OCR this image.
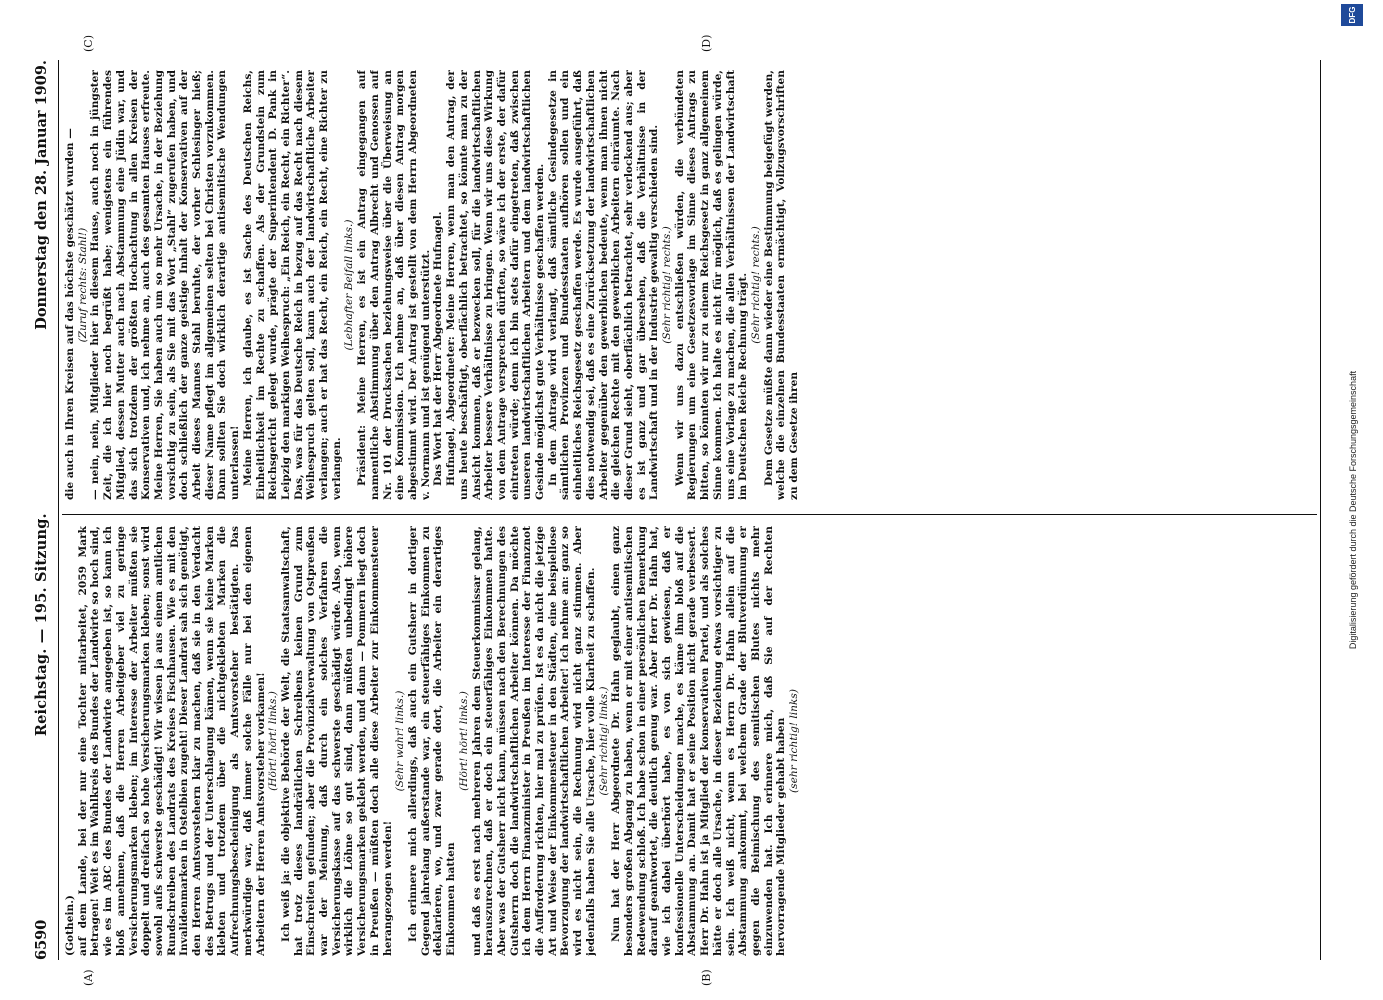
6590
Reichstag. — 195. Sitzung.
Donnerstag den 28. Januar 1909.
(A)	(B)
(C)	(D)

(Gothein.) auf dem Lande, bei der nur eine Tochter mitarbeitet, 2059 Mark betragen! Weit es im Wahlkreis des Bundes der Landwirte so hoch sind, wie es im ABC des Bundes der Landwirte angegeben ist, so kann ich bloß annehmen, daß die Herren Arbeitgeber viel zu geringe Versicherungsmarken kleben; im Interesse der Arbeiter müßten sie doppelt und dreifach so hohe Versicherungsmarken kleben; sonst wird sowohl aufs schwerste geschädigt! Wir wissen ja aus einem amtlichen Rundschreiben des Landrats des Kreises Fischhausen. Wie es mit den Invalidenmarken in Ostelbien zugeht! Dieser Landrat sah sich genötigt, den Herren Amtsvorstehern klar zu machen, daß sie in den Verdacht des Betrugs und der Unterschlagung kämen, wenn sie keine Marken klebten und trotzdem über die nichtgeklebten Marken die Aufrechnungsbescheinigung als Amtsvorsteher bestätigten. Das merkwürdige war, daß immer solche Fälle nur bei den eigenen Arbeitern der Herren Amtsvorsteher vorkamen! (Hört! hört! links.) Ich weiß ja: die objektive Behörde der Welt, die Staatsanwaltschaft, hat trotz dieses landrätlichen Schreibens keinen Grund zum Einschreiten gefunden; aber die Provinzialverwaltung von Ostpreußen war der Meinung, daß durch ein solches Verfahren die Versicherungskasse auf das schwerste geschädigt würde. Also, wenn wirklich die Löhne so gut sind, dann müßten unbedingt höhere Versicherungsmarken geklebt werden, und dann — Pommern liegt doch in Preußen — müßten doch alle diese Arbeiter zur Einkommensteuer herangezogen werden!

(Sehr wahr! links.) Ich erinnere mich allerdings, daß auch ein Gutsherr in dortiger Gegend jahrelang außerstande war, ein steuerfähiges Einkommen zu deklarieren, wo, und zwar gerade dort, die Arbeiter ein derartiges Einkommen hatten

(Hört! hört! links.) und daß es erst nach mehreren Jahren dem Steuerkommissar gelang, herauszurechnen, daß er doch ein steuerfähiges Einkommen hatte. Aber was der Gutsherr nicht kann, müssen nach den Berechnungen des Gutsherrn doch die landwirtschaftlichen Arbeiter können. Da möchte ich dem Herrn Finanzminister in Preußen im Interesse der Finanznot die Aufforderung richten, hier mal zu prüfen. Ist es da nicht die jetzige Art und Weise der Einkommensteuer in den Städten, eine beispiellose Bevorzugung der landwirtschaftlichen Arbeiter! Ich nehme an: ganz so wird es nicht sein, die Rechnung wird nicht ganz stimmen. Aber jedenfalls haben Sie alle Ursache, hier volle Klarheit zu schaffen. (Sehr richtig! links.) Nun hat der Herr Abgeordnete Dr. Hahn geglaubt, einen ganz besonders großen Abgang zu haben, wenn er mit einer antisemitischen Redewendung schloß. Ich habe schon in einer persönlichen Bemerkung darauf geantwortet, die deutlich genug war. Aber Herr Dr. Hahn hat, wie ich dabei überhört habe, es von sich gewiesen, daß er konfessionelle Unterscheidungen mache, es käme ihm bloß auf die Abstammung an. Damit hat er seine Position nicht gerade verbessert. Herr Dr. Hahn ist ja Mitglied der konservativen Partei, und als solches hätte er doch alle Ursache, in dieser Beziehung etwas vorsichtiger zu sein. Ich weiß nicht, wenn es Herrn Dr. Hahn allein auf die Abstammung ankommt, bei welchem Grade der Blutverdünnung er gegen die Beimischung des semitischen Blutes nichts mehr einzuwenden hat. Ich erinnere mich, daß Sie auf der Rechten hervorragende Mitglieder gehabt haben (sehr richtig! links)

die auch in Ihren Kreisen auf das höchste geschätzt wurden — (Zuruf rechts: Stahl!) — nein, nein, Mitglieder hier in diesem Hause, auch noch in jüngster Zeit, die ich hier noch begrüßt habe; wenigstens ein führendes Mitglied, dessen Mutter auch nach Abstammung eine Jüdin war, und das sich trotzdem der größten Hochachtung in allen Kreisen der Konservativen und, ich nehme an, auch des gesamten Hauses erfreute. Meine Herren, Sie haben auch um so mehr Ursache, in der Beziehung vorsichtig zu sein, als Sie mit das Wort „Stahl“ zugerufen haben, und doch schließlich der ganze geistige Inhalt der Konservativen auf der Arbeit dieses Mannes Stahl beruhte, der vorher Schlesinger hieß; dieser Name pflegt im allgemeinen selten bei Christen vorzukommen. Dann sollten Sie doch wirklich derartige antisemitische Wendungen unterlassen! Meine Herren, ich glaube, es ist Sache des Deutschen Reichs, Einheitlichkeit im Rechte zu schaffen. Als der Grundstein zum Reichsgericht gelegt wurde, prägte der Superintendent D. Pank in Leipzig den markigen Weihespruch: „Ein Reich, ein Recht, ein Richter“. Das, was für das Deutsche Reich in bezug auf das Recht nach diesem Weihespruch gelten soll, kann auch der landwirtschaftliche Arbeiter verlangen; auch er hat das Recht, ein Reich, ein Recht, eine Richter zu verlangen.

(Lebhafter Beifall links.) Präsident: Meine Herren, es ist ein Antrag eingegangen auf namentliche Abstimmung über den Antrag Albrecht und Genossen auf Nr. 101 der Drucksachen beziehungsweise über die Überweisung an eine Kommission. Ich nehme an, daß über diesen Antrag morgen abgestimmt wird. Der Antrag ist gestellt von dem Herrn Abgeordneten v. Normann und ist genügend unterstützt. Das Wort hat der Herr Abgeordnete Hufnagel. Hufnagel, Abgeordneter: Meine Herren, wenn man den Antrag, der uns heute beschäftigt, oberflächlich betrachtet, so könnte man zu der Ansicht kommen, daß er bezwecken soll, für die landwirtschaftlichen Arbeiter bessere Verhältnisse zu bringen. Wenn wir uns diese Wirkung von dem Antrage versprechen dürften, so wäre ich der erste, der dafür eintreten würde; denn ich bin stets dafür eingetreten, daß zwischen unseren landwirtschaftlichen Arbeitern und dem landwirtschaftlichen Gesinde möglichst gute Verhältnisse geschaffen werden. In dem Antrage wird verlangt, daß sämtliche Gesindegesetze in sämtlichen Provinzen und Bundesstaaten aufhören sollen und ein einheitliches Reichsgesetz geschaffen werde. Es wurde ausgeführt, daß dies notwendig sei, daß es eine Zurücksetzung der landwirtschaftlichen Arbeiter gegenüber den gewerblichen bedeute, wenn man ihnen nicht die gleichen Rechte mit den gewerblichen Arbeitern einräumte. Nach dieser Grund sieht, oberflächlich betrachtet, sehr verlockend aus; aber es ist ganz und gar übersehen, daß die Verhältnisse in der Landwirtschaft und in der Industrie gewaltig verschieden sind. (Sehr richtig! rechts.) Wenn wir uns dazu entschließen würden, die verbündeten Regierungen um eine Gesetzesvorlage im Sinne dieses Antrags zu bitten, so könnten wir nur zu einem Reichsgesetz in ganz allgemeinem Sinne kommen. Ich halte es nicht für möglich, daß es gelingen würde, uns eine Vorlage zu machen, die allen Verhältnissen der Landwirtschaft im Deutschen Reiche Rechnung trägt. (Sehr richtig! rechts.) Dem Gesetze müßte dann wieder eine Bestimmung beigefügt werden, welche die einzelnen Bundesstaaten ermächtigt, Vollzugsvorschriften zu dem Gesetze ihren	Digitalisierung gefördert durch die Deutsche Forschungsgemeinschaft
DFG
